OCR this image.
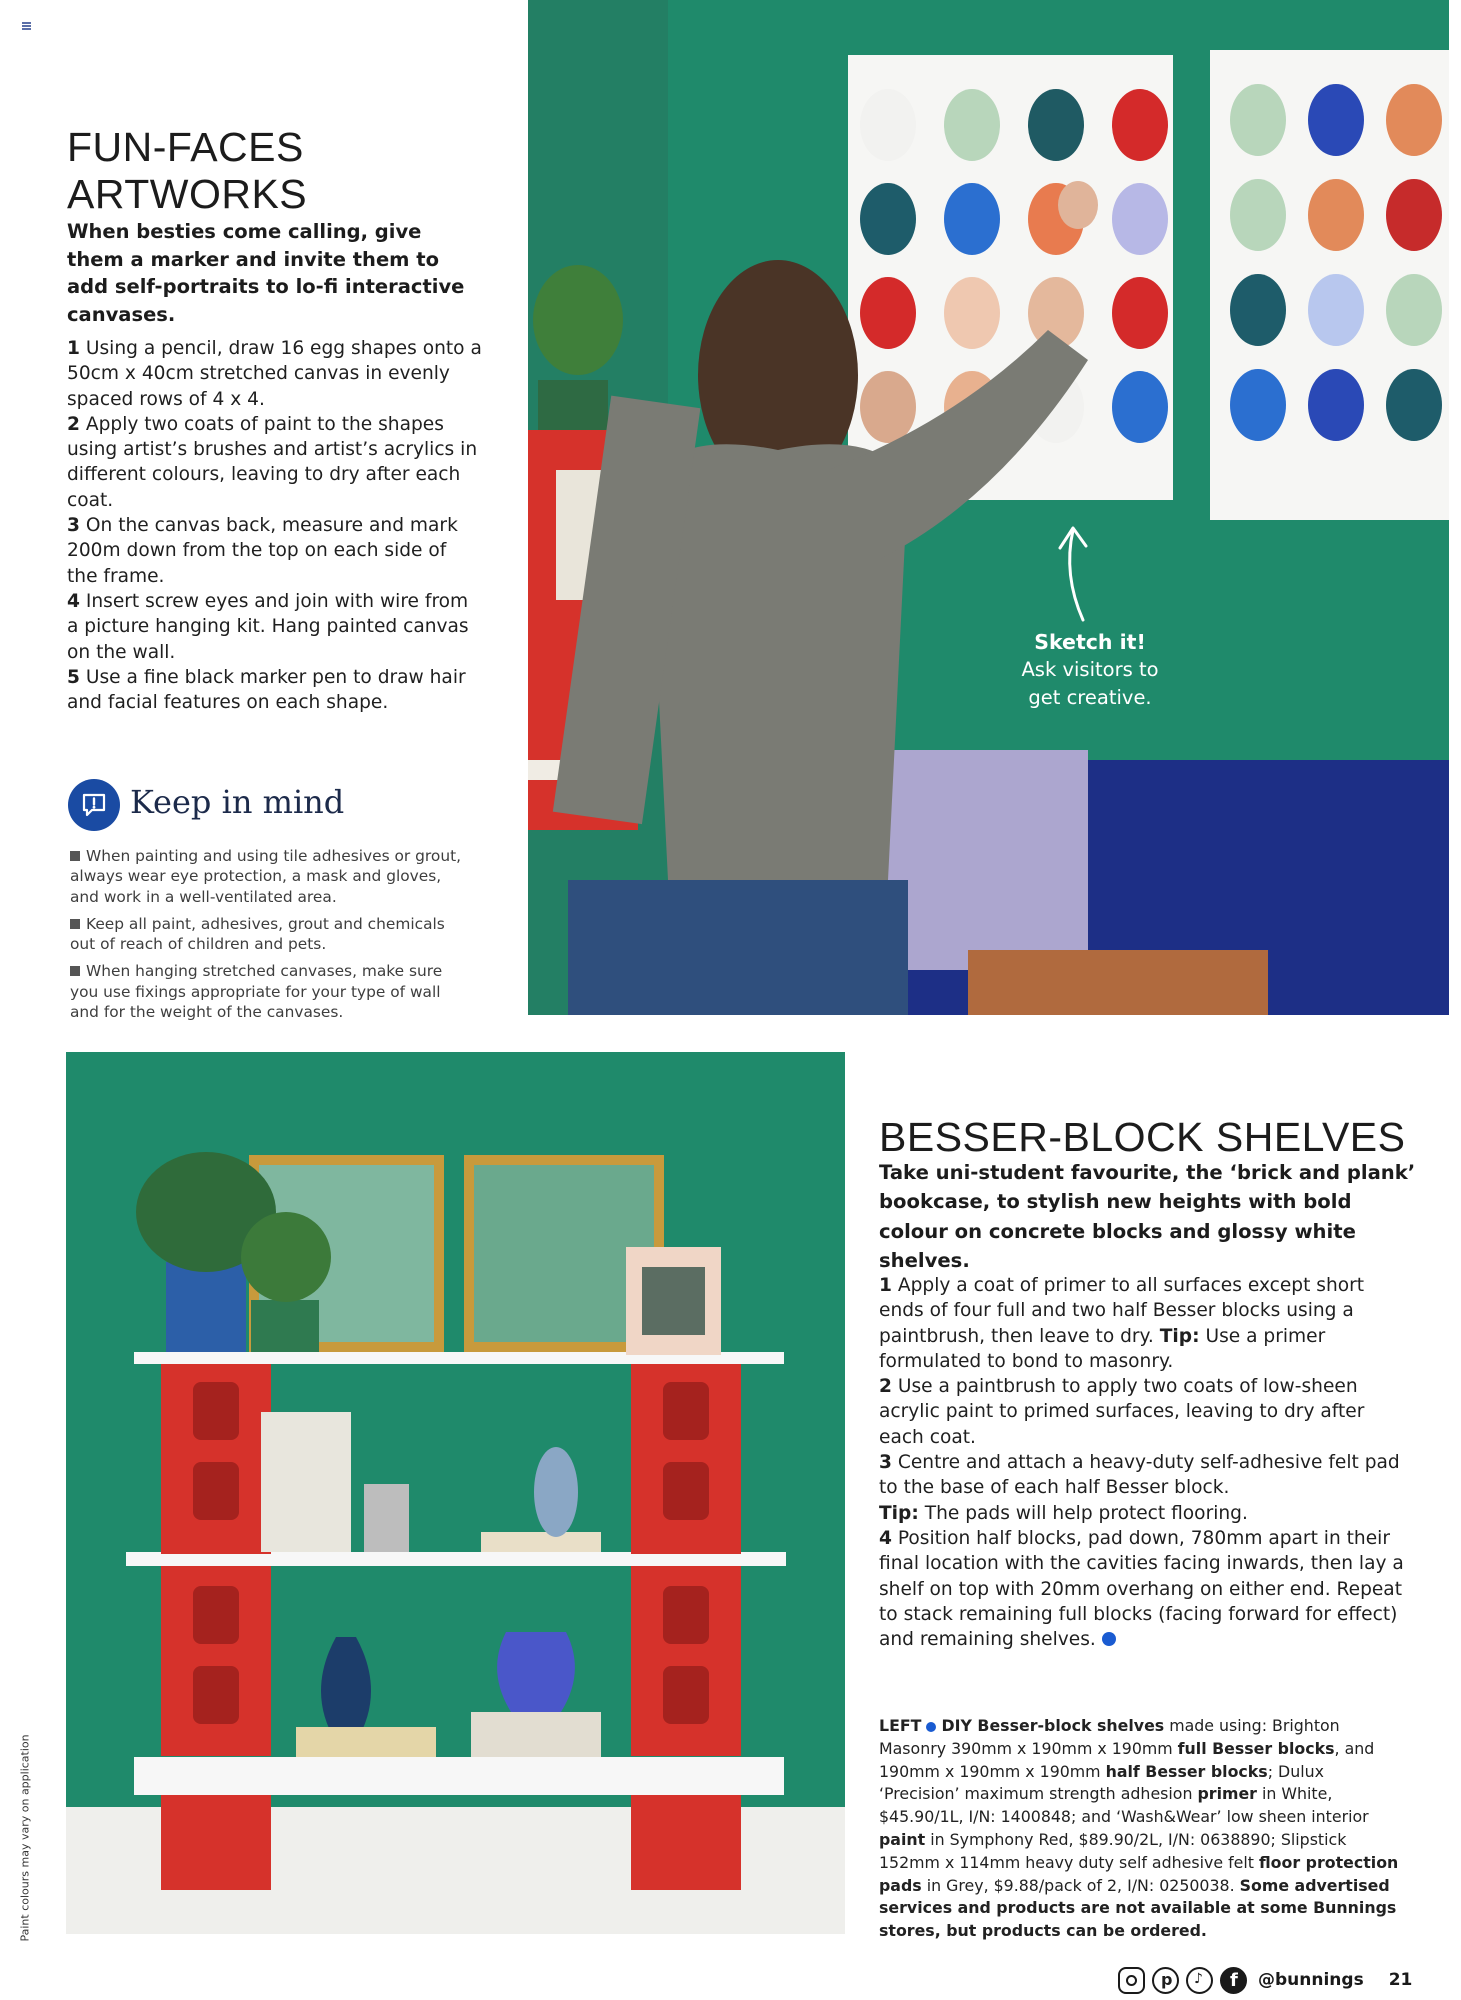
FUN-FACES
ARTWORKS
When besties come calling, give them a marker and invite them to add self-portraits to lo-fi interactive canvases.

1 Using a pencil, draw 16 egg shapes onto a 50cm x 40cm stretched canvas in evenly spaced rows of 4 x 4.

2 Apply two coats of paint to the shapes using artist’s brushes and artist’s acrylics in different colours, leaving to dry after each coat.

3 On the canvas back, measure and mark 200m down from the top on each side of the frame.

4 Insert screw eyes and join with wire from a picture hanging kit. Hang painted canvas on the wall.

5 Use a fine black marker pen to draw hair and facial features on each shape.

Keep in mind

When painting and using tile adhesives or grout, always wear eye protection, a mask and gloves, and work in a well-ventilated area.

Keep all paint, adhesives, grout and chemicals out of reach of children and pets.

When hanging stretched canvases, make sure you use fixings appropriate for your type of wall and for the weight of the canvases.

Sketch it!
Ask visitors to
get creative.
BESSER-BLOCK SHELVES
Take uni-student favourite, the ‘brick and plank’ bookcase, to stylish new heights with bold colour on concrete blocks and glossy white shelves.

1 Apply a coat of primer to all surfaces except short ends of four full and two half Besser blocks using a paintbrush, then leave to dry. Tip: Use a primer formulated to bond to masonry.

2 Use a paintbrush to apply two coats of low-sheen acrylic paint to primed surfaces, leaving to dry after each coat.

3 Centre and attach a heavy-duty self-adhesive felt pad to the base of each half Besser block.

Tip: The pads will help protect flooring.

4 Position half blocks, pad down, 780mm apart in their final location with the cavities facing inwards, then lay a shelf on top with 20mm overhang on either end. Repeat to stack remaining full blocks (facing forward for effect) and remaining shelves.

LEFT DIY Besser-block shelves made using: Brighton Masonry 390mm x 190mm x 190mm full Besser blocks, and 190mm x 190mm x 190mm half Besser blocks; Dulux ‘Precision’ maximum strength adhesion primer in White, $45.90/1L, I/N: 1400848; and ‘Wash&Wear’ low sheen interior paint in Symphony Red, $89.90/2L, I/N: 0638890; Slipstick 152mm x 114mm heavy duty self adhesive felt floor protection pads in Grey, $9.88/pack of 2, I/N: 0250038. Some advertised services and products are not available at some Bunnings stores, but products can be ordered.
Paint colours may vary on application
p ♪ f @bunnings 21
